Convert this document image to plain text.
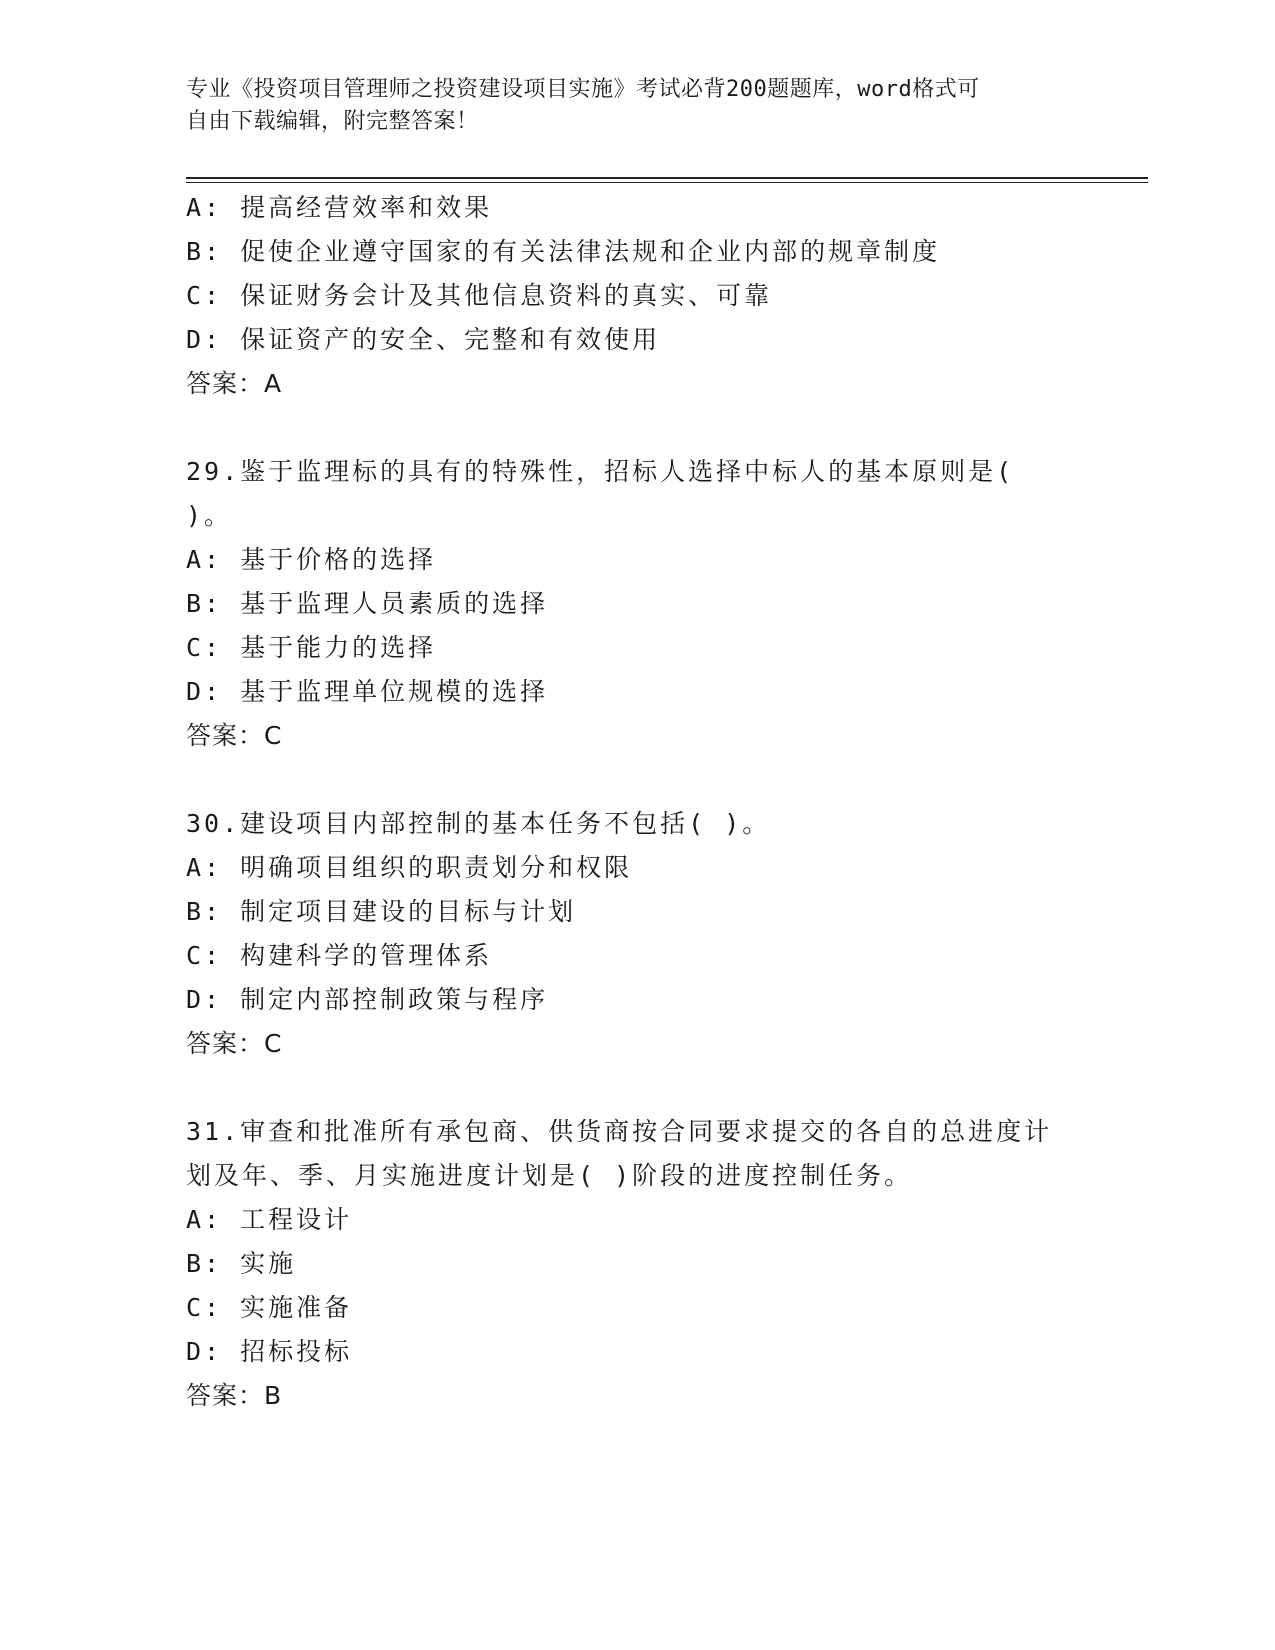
专业《投资项目管理师之投资建设项目实施》考试必背200题题库，word格式可
自由下载编辑，附完整答案！
A: 提高经营效率和效果
B: 促使企业遵守国家的有关法律法规和企业内部的规章制度
C: 保证财务会计及其他信息资料的真实、可靠
D: 保证资产的安全、完整和有效使用
答案：A
29.鉴于监理标的具有的特殊性，招标人选择中标人的基本原则是(
)。
A: 基于价格的选择
B: 基于监理人员素质的选择
C: 基于能力的选择
D: 基于监理单位规模的选择
答案：C
30.建设项目内部控制的基本任务不包括( )。
A: 明确项目组织的职责划分和权限
B: 制定项目建设的目标与计划
C: 构建科学的管理体系
D: 制定内部控制政策与程序
答案：C
31.审查和批准所有承包商、供货商按合同要求提交的各自的总进度计
划及年、季、月实施进度计划是( )阶段的进度控制任务。
A: 工程设计
B: 实施
C: 实施准备
D: 招标投标
答案：B
